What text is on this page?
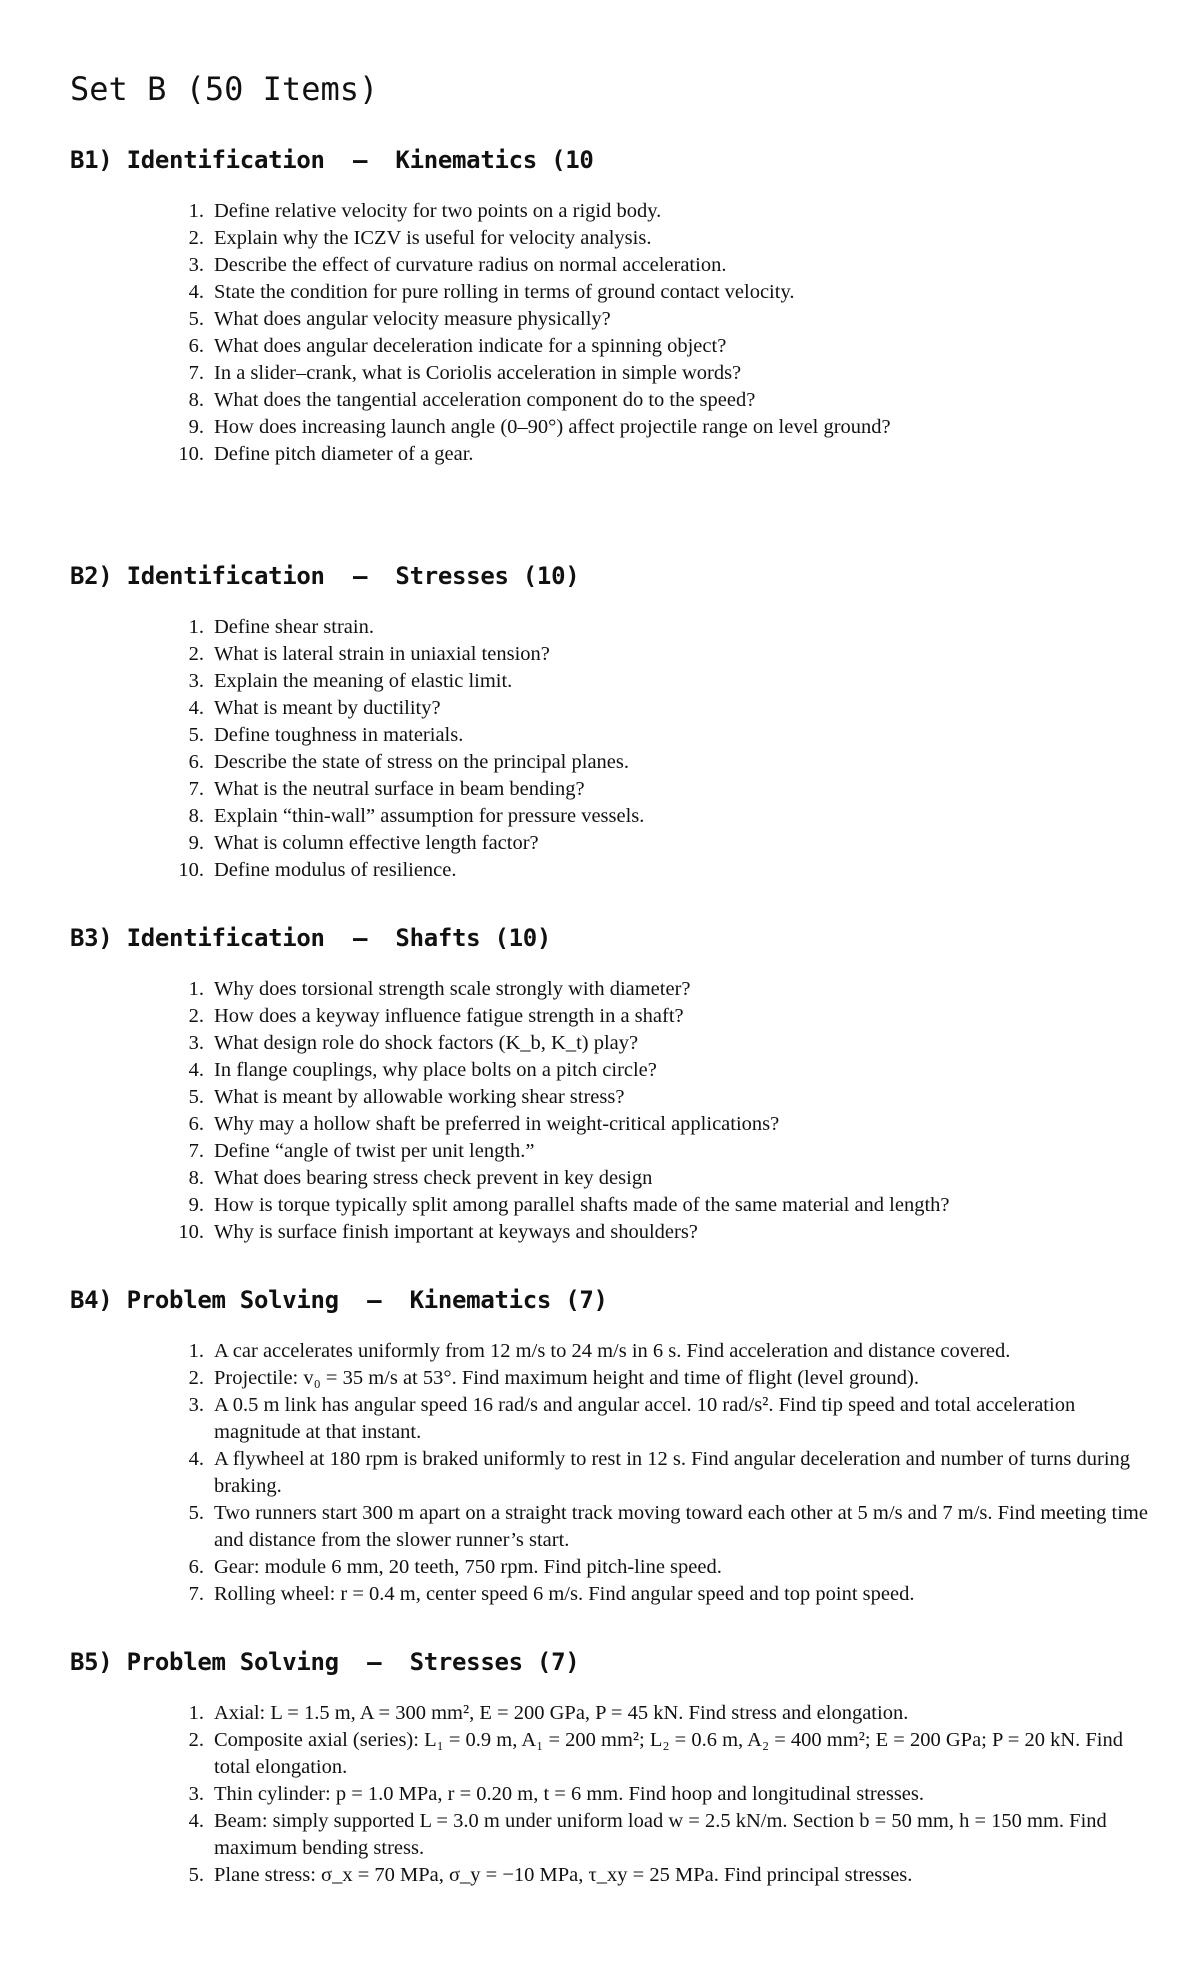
Set B (50 Items)
B1) Identification  –  Kinematics (10
1. Define relative velocity for two points on a rigid body.
2. Explain why the ICZV is useful for velocity analysis.
3. Describe the effect of curvature radius on normal acceleration.
4. State the condition for pure rolling in terms of ground contact velocity.
5. What does angular velocity measure physically?
6. What does angular deceleration indicate for a spinning object?
7. In a slider–crank, what is Coriolis acceleration in simple words?
8. What does the tangential acceleration component do to the speed?
9. How does increasing launch angle (0–90°) affect projectile range on level ground?
10. Define pitch diameter of a gear.
B2) Identification  –  Stresses (10)
1. Define shear strain.
2. What is lateral strain in uniaxial tension?
3. Explain the meaning of elastic limit.
4. What is meant by ductility?
5. Define toughness in materials.
6. Describe the state of stress on the principal planes.
7. What is the neutral surface in beam bending?
8. Explain “thin-wall” assumption for pressure vessels.
9. What is column effective length factor?
10. Define modulus of resilience.
B3) Identification  –  Shafts (10)
1. Why does torsional strength scale strongly with diameter?
2. How does a keyway influence fatigue strength in a shaft?
3. What design role do shock factors (K_b, K_t) play?
4. In flange couplings, why place bolts on a pitch circle?
5. What is meant by allowable working shear stress?
6. Why may a hollow shaft be preferred in weight-critical applications?
7. Define “angle of twist per unit length.”
8. What does bearing stress check prevent in key design
9. How is torque typically split among parallel shafts made of the same material and length?
10. Why is surface finish important at keyways and shoulders?
B4) Problem Solving  –  Kinematics (7)
1. A car accelerates uniformly from 12 m/s to 24 m/s in 6 s. Find acceleration and distance covered.
2. Projectile: v₀ = 35 m/s at 53°. Find maximum height and time of flight (level ground).
3. A 0.5 m link has angular speed 16 rad/s and angular accel. 10 rad/s². Find tip speed and total acceleration magnitude at that instant.
4. A flywheel at 180 rpm is braked uniformly to rest in 12 s. Find angular deceleration and number of turns during braking.
5. Two runners start 300 m apart on a straight track moving toward each other at 5 m/s and 7 m/s. Find meeting time and distance from the slower runner’s start.
6. Gear: module 6 mm, 20 teeth, 750 rpm. Find pitch-line speed.
7. Rolling wheel: r = 0.4 m, center speed 6 m/s. Find angular speed and top point speed.
B5) Problem Solving  –  Stresses (7)
1. Axial: L = 1.5 m, A = 300 mm², E = 200 GPa, P = 45 kN. Find stress and elongation.
2. Composite axial (series): L₁ = 0.9 m, A₁ = 200 mm²; L₂ = 0.6 m, A₂ = 400 mm²; E = 200 GPa; P = 20 kN. Find total elongation.
3. Thin cylinder: p = 1.0 MPa, r = 0.20 m, t = 6 mm. Find hoop and longitudinal stresses.
4. Beam: simply supported L = 3.0 m under uniform load w = 2.5 kN/m. Section b = 50 mm, h = 150 mm. Find maximum bending stress.
5. Plane stress: σ_x = 70 MPa, σ_y = −10 MPa, τ_xy = 25 MPa. Find principal stresses.
